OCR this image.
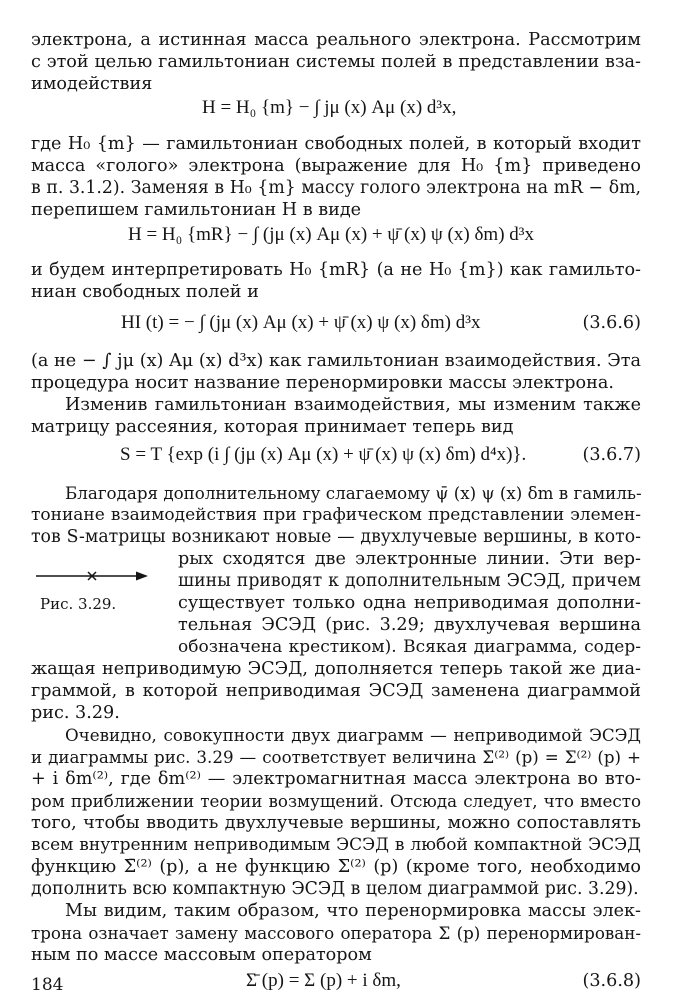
электрона, а истинная масса реального электрона. Рассмотрим
с этой целью гамильтониан системы полей в представлении вза-
имодействия
H = H₀ {m} − ∫ jμ (x) Aμ (x) d³x,
где H₀ {m} — гамильтониан свободных полей, в который входит
масса «голого» электрона (выражение для H₀ {m} приведено
в п. 3.1.2). Заменяя в H₀ {m} массу голого электрона на mR − δm,
перепишем гамильтониан H в виде
H = H₀ {mR} − ∫ (jμ (x) Aμ (x) + ψ̄ (x) ψ (x) δm) d³x
и будем интерпретировать H₀ {mR} (а не H₀ {m}) как гамильто-
ниан свободных полей и
HI (t) = − ∫ (jμ (x) Aμ (x) + ψ̄ (x) ψ (x) δm) d³x	(3.6.6)
(а не − ∫ jμ (x) Aμ (x) d³x) как гамильтониан взаимодействия. Эта
процедура носит название перенормировки массы электрона.
Изменив гамильтониан взаимодействия, мы изменим также
матрицу рассеяния, которая принимает теперь вид
S = T {exp (i ∫ (jμ (x) Aμ (x) + ψ̄ (x) ψ (x) δm) d⁴x)}.	(3.6.7)
Благодаря дополнительному слагаемому ψ̄ (x) ψ (x) δm в гамиль-
тониане взаимодействия при графическом представлении элемен-
тов S-матрицы возникают новые — двухлучевые вершины, в кото-
рых сходятся две электронные линии. Эти вер-
шины приводят к дополнительным ЭСЭД, причем
существует только одна неприводимая дополни-
тельная ЭСЭД (рис. 3.29; двухлучевая вершина
обозначена крестиком). Всякая диаграмма, содер-
жащая неприводимую ЭСЭД, дополняется теперь такой же диа-
граммой, в которой неприводимая ЭСЭД заменена диаграммой
рис. 3.29.
Рис. 3.29.
Очевидно, совокупности двух диаграмм — неприводимой ЭСЭД
и диаграммы рис. 3.29 — соответствует величина Σ̄⁽²⁾ (p) = Σ⁽²⁾ (p) +
+ i δm⁽²⁾, где δm⁽²⁾ — электромагнитная масса электрона во вто-
ром приближении теории возмущений. Отсюда следует, что вместо
того, чтобы вводить двухлучевые вершины, можно сопоставлять
всем внутренним неприводимым ЭСЭД в любой компактной ЭСЭД
функцию Σ̄⁽²⁾ (p), а не функцию Σ⁽²⁾ (p) (кроме того, необходимо
дополнить всю компактную ЭСЭД в целом диаграммой рис. 3.29).
Мы видим, таким образом, что перенормировка массы элек-
трона означает замену массового оператора Σ (p) перенормирован-
ным по массе массовым оператором
Σ̄ (p) = Σ (p) + i δm,	(3.6.8)
184
